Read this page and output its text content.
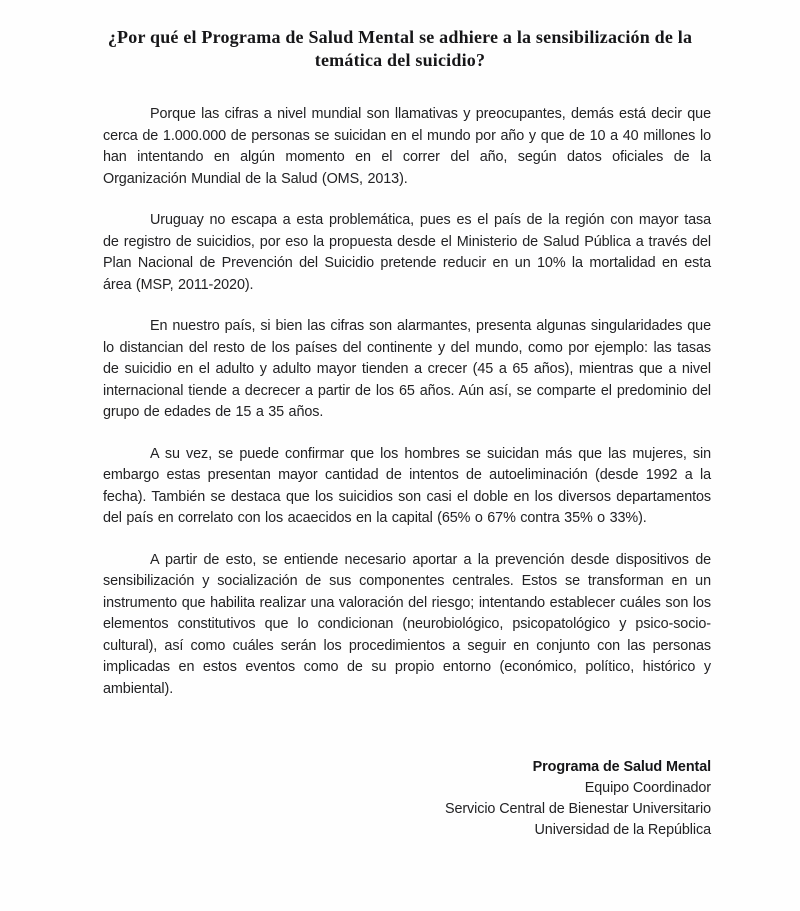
¿Por qué el Programa de Salud Mental se adhiere a la sensibilización de la temática del suicidio?

Porque las cifras a nivel mundial son llamativas y preocupantes, demás está decir que cerca de 1.000.000 de personas se suicidan en el mundo por año y que de 10 a 40 millones lo han intentando en algún momento en el correr del año, según datos oficiales de la Organización Mundial de la Salud (OMS, 2013).

Uruguay no escapa a esta problemática, pues es el país de la región con mayor tasa de registro de suicidios, por eso la propuesta desde el Ministerio de Salud Pública a través del Plan Nacional de Prevención del Suicidio pretende reducir en un 10% la mortalidad en esta área (MSP, 2011-2020).

En nuestro país, si bien las cifras son alarmantes, presenta algunas singularidades que lo distancian del resto de los países del continente y del mundo, como por ejemplo: las tasas de suicidio en el adulto y adulto mayor tienden a crecer (45 a 65 años), mientras que a nivel internacional tiende a decrecer a partir de los 65 años. Aún así, se comparte el predominio del grupo de edades de 15 a 35 años.

A su vez, se puede confirmar que los hombres se suicidan más que las mujeres, sin embargo estas presentan mayor cantidad de intentos de autoeliminación (desde 1992 a la fecha). También se destaca que los suicidios son casi el doble en los diversos departamentos del país en correlato con los acaecidos en la capital (65% o 67% contra 35% o 33%).

A partir de esto, se entiende necesario aportar a la prevención desde dispositivos de sensibilización y socialización de sus componentes centrales. Estos se transforman en un instrumento que habilita realizar una valoración del riesgo; intentando establecer cuáles son los elementos constitutivos que lo condicionan (neurobiológico, psicopatológico y psico-socio-cultural), así como cuáles serán los procedimientos a seguir en conjunto con las personas implicadas en estos eventos como de su propio entorno (económico, político, histórico y ambiental).

Programa de Salud Mental
Equipo Coordinador
Servicio Central de Bienestar Universitario
Universidad de la República
